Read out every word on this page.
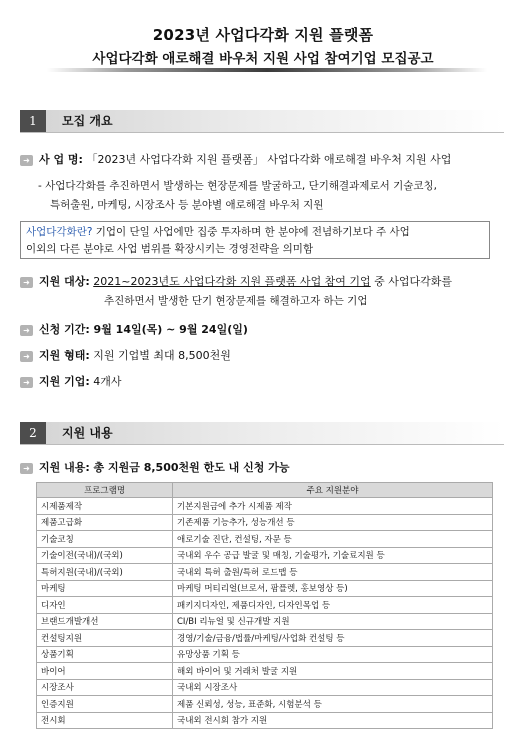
2023년 사업다각화 지원 플랫폼
사업다각화 애로해결 바우처 지원 사업 참여기업 모집공고
1	모집 개요
➜ 사 업 명: 「2023년 사업다각화 지원 플랫폼」 사업다각화 애로해결 바우처 지원 사업
- 사업다각화를 추진하면서 발생하는 현장문제를 발굴하고, 단기해결과제로서 기술코칭,
특허출원, 마케팅, 시장조사 등 분야별 애로해결 바우처 지원
사업다각화란? 기업이 단일 사업에만 집중 투자하며 한 분야에 전념하기보다 주 사업
이외의 다른 분야로 사업 범위를 확장시키는 경영전략을 의미함
➜ 지원 대상: 2021~2023년도 사업다각화 지원 플랫폼 사업 참여 기업 중 사업다각화를
추진하면서 발생한 단기 현장문제를 해결하고자 하는 기업
➜ 신청 기간: 9월 14일(목) ~ 9월 24일(일)
➜ 지원 형태: 지원 기업별 최대 8,500천원
➜ 지원 기업: 4개사
2	지원 내용
➜ 지원 내용: 총 지원금 8,500천원 한도 내 신청 가능
프로그램명	주요 지원분야
시제품제작	기본지원금에 추가 시제품 제작
제품고급화	기존제품 기능추가, 성능개선 등
기술코칭	애로기술 진단, 컨설팅, 자문 등
기술이전(국내)/(국외)	국내외 우수 공급 발굴 및 매칭, 기술평가, 기술료지원 등
특허지원(국내)/(국외)	국내외 특허 출원/특허 로드맵 등
마케팅	마케팅 머티리얼(브로셔, 팜플렛, 홍보영상 등)
디자인	패키지디자인, 제품디자인, 디자인목업 등
브랜드개발개선	CI/BI 리뉴얼 및 신규개발 지원
컨설팅지원	경영/기술/금융/법률/마케팅/사업화 컨설팅 등
상품기획	유망상품 기획 등
바이어	해외 바이어 및 거래처 발굴 지원
시장조사	국내외 시장조사
인증지원	제품 신뢰성, 성능, 표준화, 시험분석 등
전시회	국내외 전시회 참가 지원
